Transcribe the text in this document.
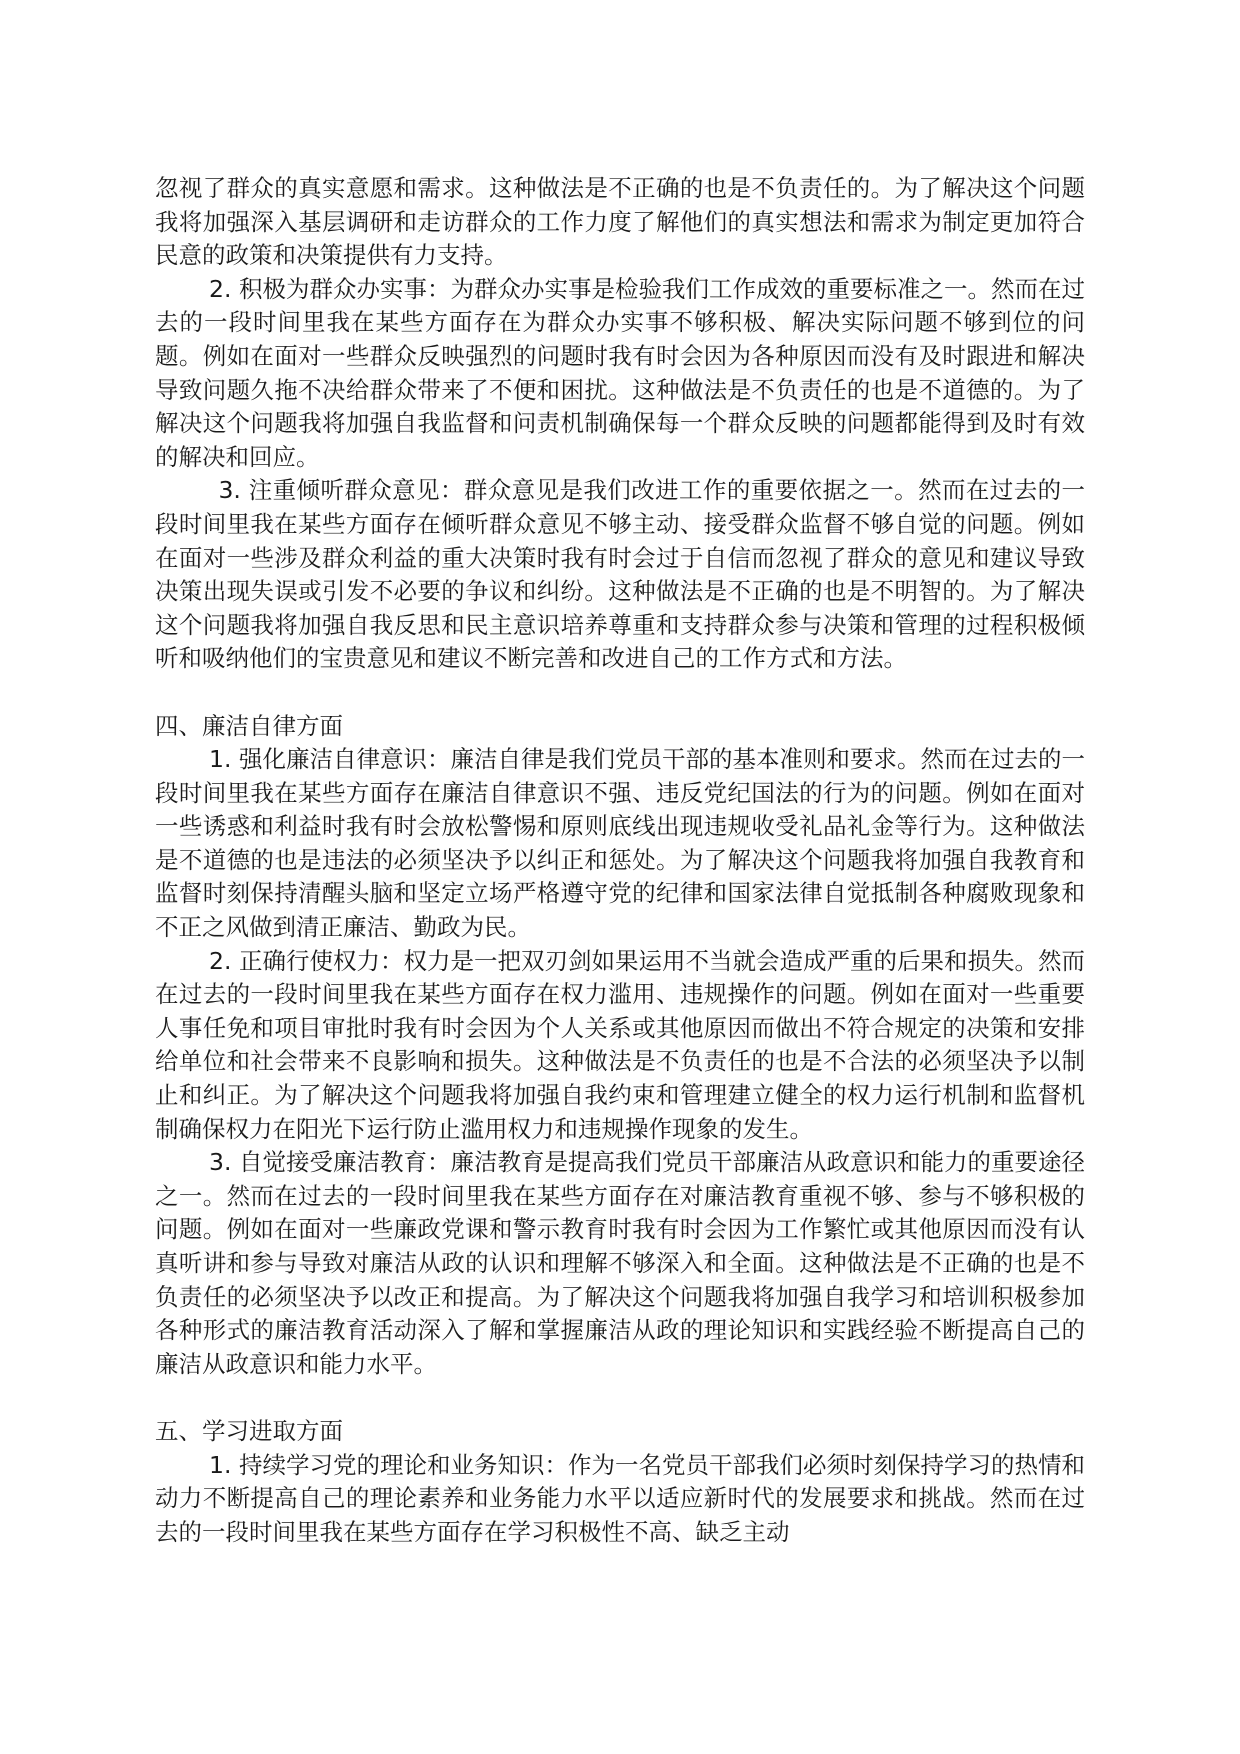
忽视了群众的真实意愿和需求。这种做法是不正确的也是不负责任的。为了解决这个问题我将加强深入基层调研和走访群众的工作力度了解他们的真实想法和需求为制定更加符合民意的政策和决策提供有力支持。

2. 积极为群众办实事：为群众办实事是检验我们工作成效的重要标准之一。然而在过去的一段时间里我在某些方面存在为群众办实事不够积极、解决实际问题不够到位的问题。例如在面对一些群众反映强烈的问题时我有时会因为各种原因而没有及时跟进和解决导致问题久拖不决给群众带来了不便和困扰。这种做法是不负责任的也是不道德的。为了解决这个问题我将加强自我监督和问责机制确保每一个群众反映的问题都能得到及时有效的解决和回应。

3. 注重倾听群众意见：群众意见是我们改进工作的重要依据之一。然而在过去的一段时间里我在某些方面存在倾听群众意见不够主动、接受群众监督不够自觉的问题。例如在面对一些涉及群众利益的重大决策时我有时会过于自信而忽视了群众的意见和建议导致决策出现失误或引发不必要的争议和纠纷。这种做法是不正确的也是不明智的。为了解决这个问题我将加强自我反思和民主意识培养尊重和支持群众参与决策和管理的过程积极倾听和吸纳他们的宝贵意见和建议不断完善和改进自己的工作方式和方法。

四、廉洁自律方面

1. 强化廉洁自律意识：廉洁自律是我们党员干部的基本准则和要求。然而在过去的一段时间里我在某些方面存在廉洁自律意识不强、违反党纪国法的行为的问题。例如在面对一些诱惑和利益时我有时会放松警惕和原则底线出现违规收受礼品礼金等行为。这种做法是不道德的也是违法的必须坚决予以纠正和惩处。为了解决这个问题我将加强自我教育和监督时刻保持清醒头脑和坚定立场严格遵守党的纪律和国家法律自觉抵制各种腐败现象和不正之风做到清正廉洁、勤政为民。

2. 正确行使权力：权力是一把双刃剑如果运用不当就会造成严重的后果和损失。然而在过去的一段时间里我在某些方面存在权力滥用、违规操作的问题。例如在面对一些重要人事任免和项目审批时我有时会因为个人关系或其他原因而做出不符合规定的决策和安排给单位和社会带来不良影响和损失。这种做法是不负责任的也是不合法的必须坚决予以制止和纠正。为了解决这个问题我将加强自我约束和管理建立健全的权力运行机制和监督机制确保权力在阳光下运行防止滥用权力和违规操作现象的发生。

3. 自觉接受廉洁教育：廉洁教育是提高我们党员干部廉洁从政意识和能力的重要途径之一。然而在过去的一段时间里我在某些方面存在对廉洁教育重视不够、参与不够积极的问题。例如在面对一些廉政党课和警示教育时我有时会因为工作繁忙或其他原因而没有认真听讲和参与导致对廉洁从政的认识和理解不够深入和全面。这种做法是不正确的也是不负责任的必须坚决予以改正和提高。为了解决这个问题我将加强自我学习和培训积极参加各种形式的廉洁教育活动深入了解和掌握廉洁从政的理论知识和实践经验不断提高自己的廉洁从政意识和能力水平。

五、学习进取方面

1. 持续学习党的理论和业务知识：作为一名党员干部我们必须时刻保持学习的热情和动力不断提高自己的理论素养和业务能力水平以适应新时代的发展要求和挑战。然而在过去的一段时间里我在某些方面存在学习积极性不高、缺乏主动
